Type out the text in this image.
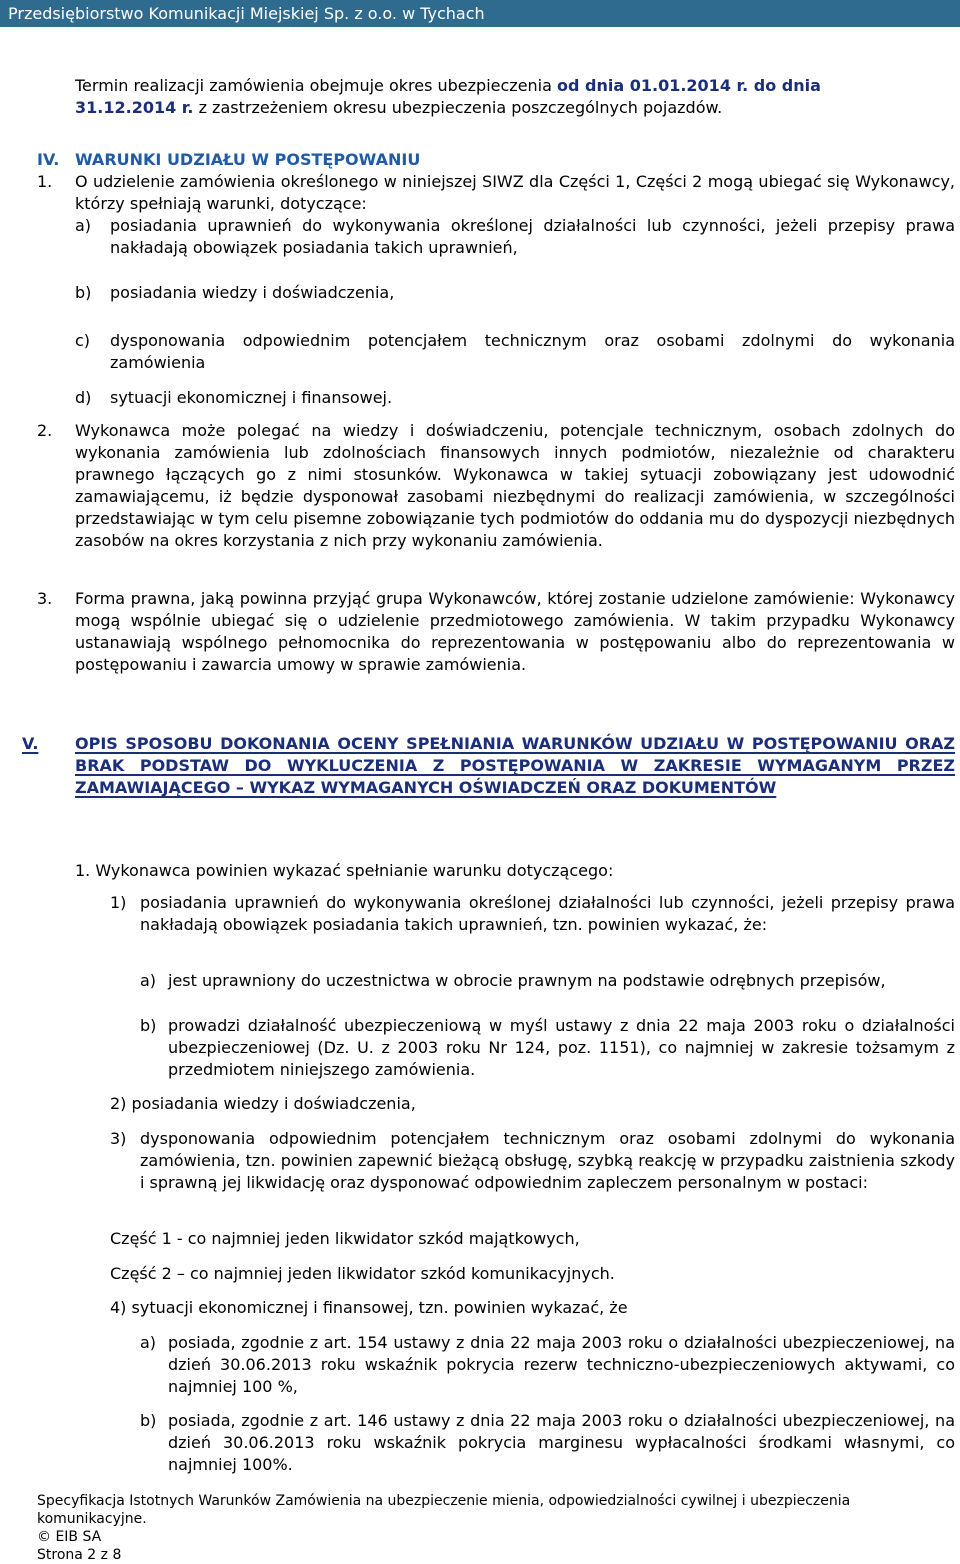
Przedsiębiorstwo Komunikacji Miejskiej Sp. z o.o. w Tychach
Termin realizacji zamówienia obejmuje okres ubezpieczenia od dnia 01.01.2014 r. do dnia
31.12.2014 r. z zastrzeżeniem okresu ubezpieczenia poszczególnych pojazdów.
IV. WARUNKI UDZIAŁU W POSTĘPOWANIU
1. O udzielenie zamówienia określonego w niniejszej SIWZ dla Części 1, Części 2 mogą ubiegać się Wykonawcy, którzy spełniają warunki, dotyczące:
a) posiadania uprawnień do wykonywania określonej działalności lub czynności, jeżeli przepisy prawa nakładają obowiązek posiadania takich uprawnień,
b) posiadania wiedzy i doświadczenia,
c) dysponowania odpowiednim potencjałem technicznym oraz osobami zdolnymi do wykonania zamówienia
d) sytuacji ekonomicznej i finansowej.
2. Wykonawca może polegać na wiedzy i doświadczeniu, potencjale technicznym, osobach zdolnych do wykonania zamówienia lub zdolnościach finansowych innych podmiotów, niezależnie od charakteru prawnego łączących go z nimi stosunków. Wykonawca w takiej sytuacji zobowiązany jest udowodnić zamawiającemu, iż będzie dysponował zasobami niezbędnymi do realizacji zamówienia, w szczególności przedstawiając w tym celu pisemne zobowiązanie tych podmiotów do oddania mu do dyspozycji niezbędnych zasobów na okres korzystania z nich przy wykonaniu zamówienia.
3. Forma prawna, jaką powinna przyjąć grupa Wykonawców, której zostanie udzielone zamówienie: Wykonawcy mogą wspólnie ubiegać się o udzielenie przedmiotowego zamówienia. W takim przypadku Wykonawcy ustanawiają wspólnego pełnomocnika do reprezentowania w postępowaniu albo do reprezentowania w postępowaniu i zawarcia umowy w sprawie zamówienia.
V. OPIS SPOSOBU DOKONANIA OCENY SPEŁNIANIA WARUNKÓW UDZIAŁU W POSTĘPOWANIU ORAZ BRAK PODSTAW DO WYKLUCZENIA Z POSTĘPOWANIA W ZAKRESIE WYMAGANYM PRZEZ ZAMAWIAJĄCEGO – WYKAZ WYMAGANYCH OŚWIADCZEŃ ORAZ DOKUMENTÓW
1. Wykonawca powinien wykazać spełnianie warunku dotyczącego:
1) posiadania uprawnień do wykonywania określonej działalności lub czynności, jeżeli przepisy prawa nakładają obowiązek posiadania takich uprawnień, tzn. powinien wykazać, że:
a) jest uprawniony do uczestnictwa w obrocie prawnym na podstawie odrębnych przepisów,
b) prowadzi działalność ubezpieczeniową w myśl ustawy z dnia 22 maja 2003 roku o działalności ubezpieczeniowej (Dz. U. z 2003 roku Nr 124, poz. 1151), co najmniej w zakresie tożsamym z przedmiotem niniejszego zamówienia.
2) posiadania wiedzy i doświadczenia,
3) dysponowania odpowiednim potencjałem technicznym oraz osobami zdolnymi do wykonania zamówienia, tzn. powinien zapewnić bieżącą obsługę, szybką reakcję w przypadku zaistnienia szkody i sprawną jej likwidację oraz dysponować odpowiednim zapleczem personalnym w postaci:
Część 1 - co najmniej jeden likwidator szkód majątkowych,
Część 2 – co najmniej jeden likwidator szkód komunikacyjnych.
4) sytuacji ekonomicznej i finansowej, tzn. powinien wykazać, że
a) posiada, zgodnie z art. 154 ustawy z dnia 22 maja 2003 roku o działalności ubezpieczeniowej, na dzień 30.06.2013 roku wskaźnik pokrycia rezerw techniczno-ubezpieczeniowych aktywami, co najmniej 100 %,
b) posiada, zgodnie z art. 146 ustawy z dnia 22 maja 2003 roku o działalności ubezpieczeniowej, na dzień 30.06.2013 roku wskaźnik pokrycia marginesu wypłacalności środkami własnymi, co najmniej 100%.
Specyfikacja Istotnych Warunków Zamówienia na ubezpieczenie mienia, odpowiedzialności cywilnej i ubezpieczenia komunikacyjne.
© EIB SA
Strona 2 z 8
